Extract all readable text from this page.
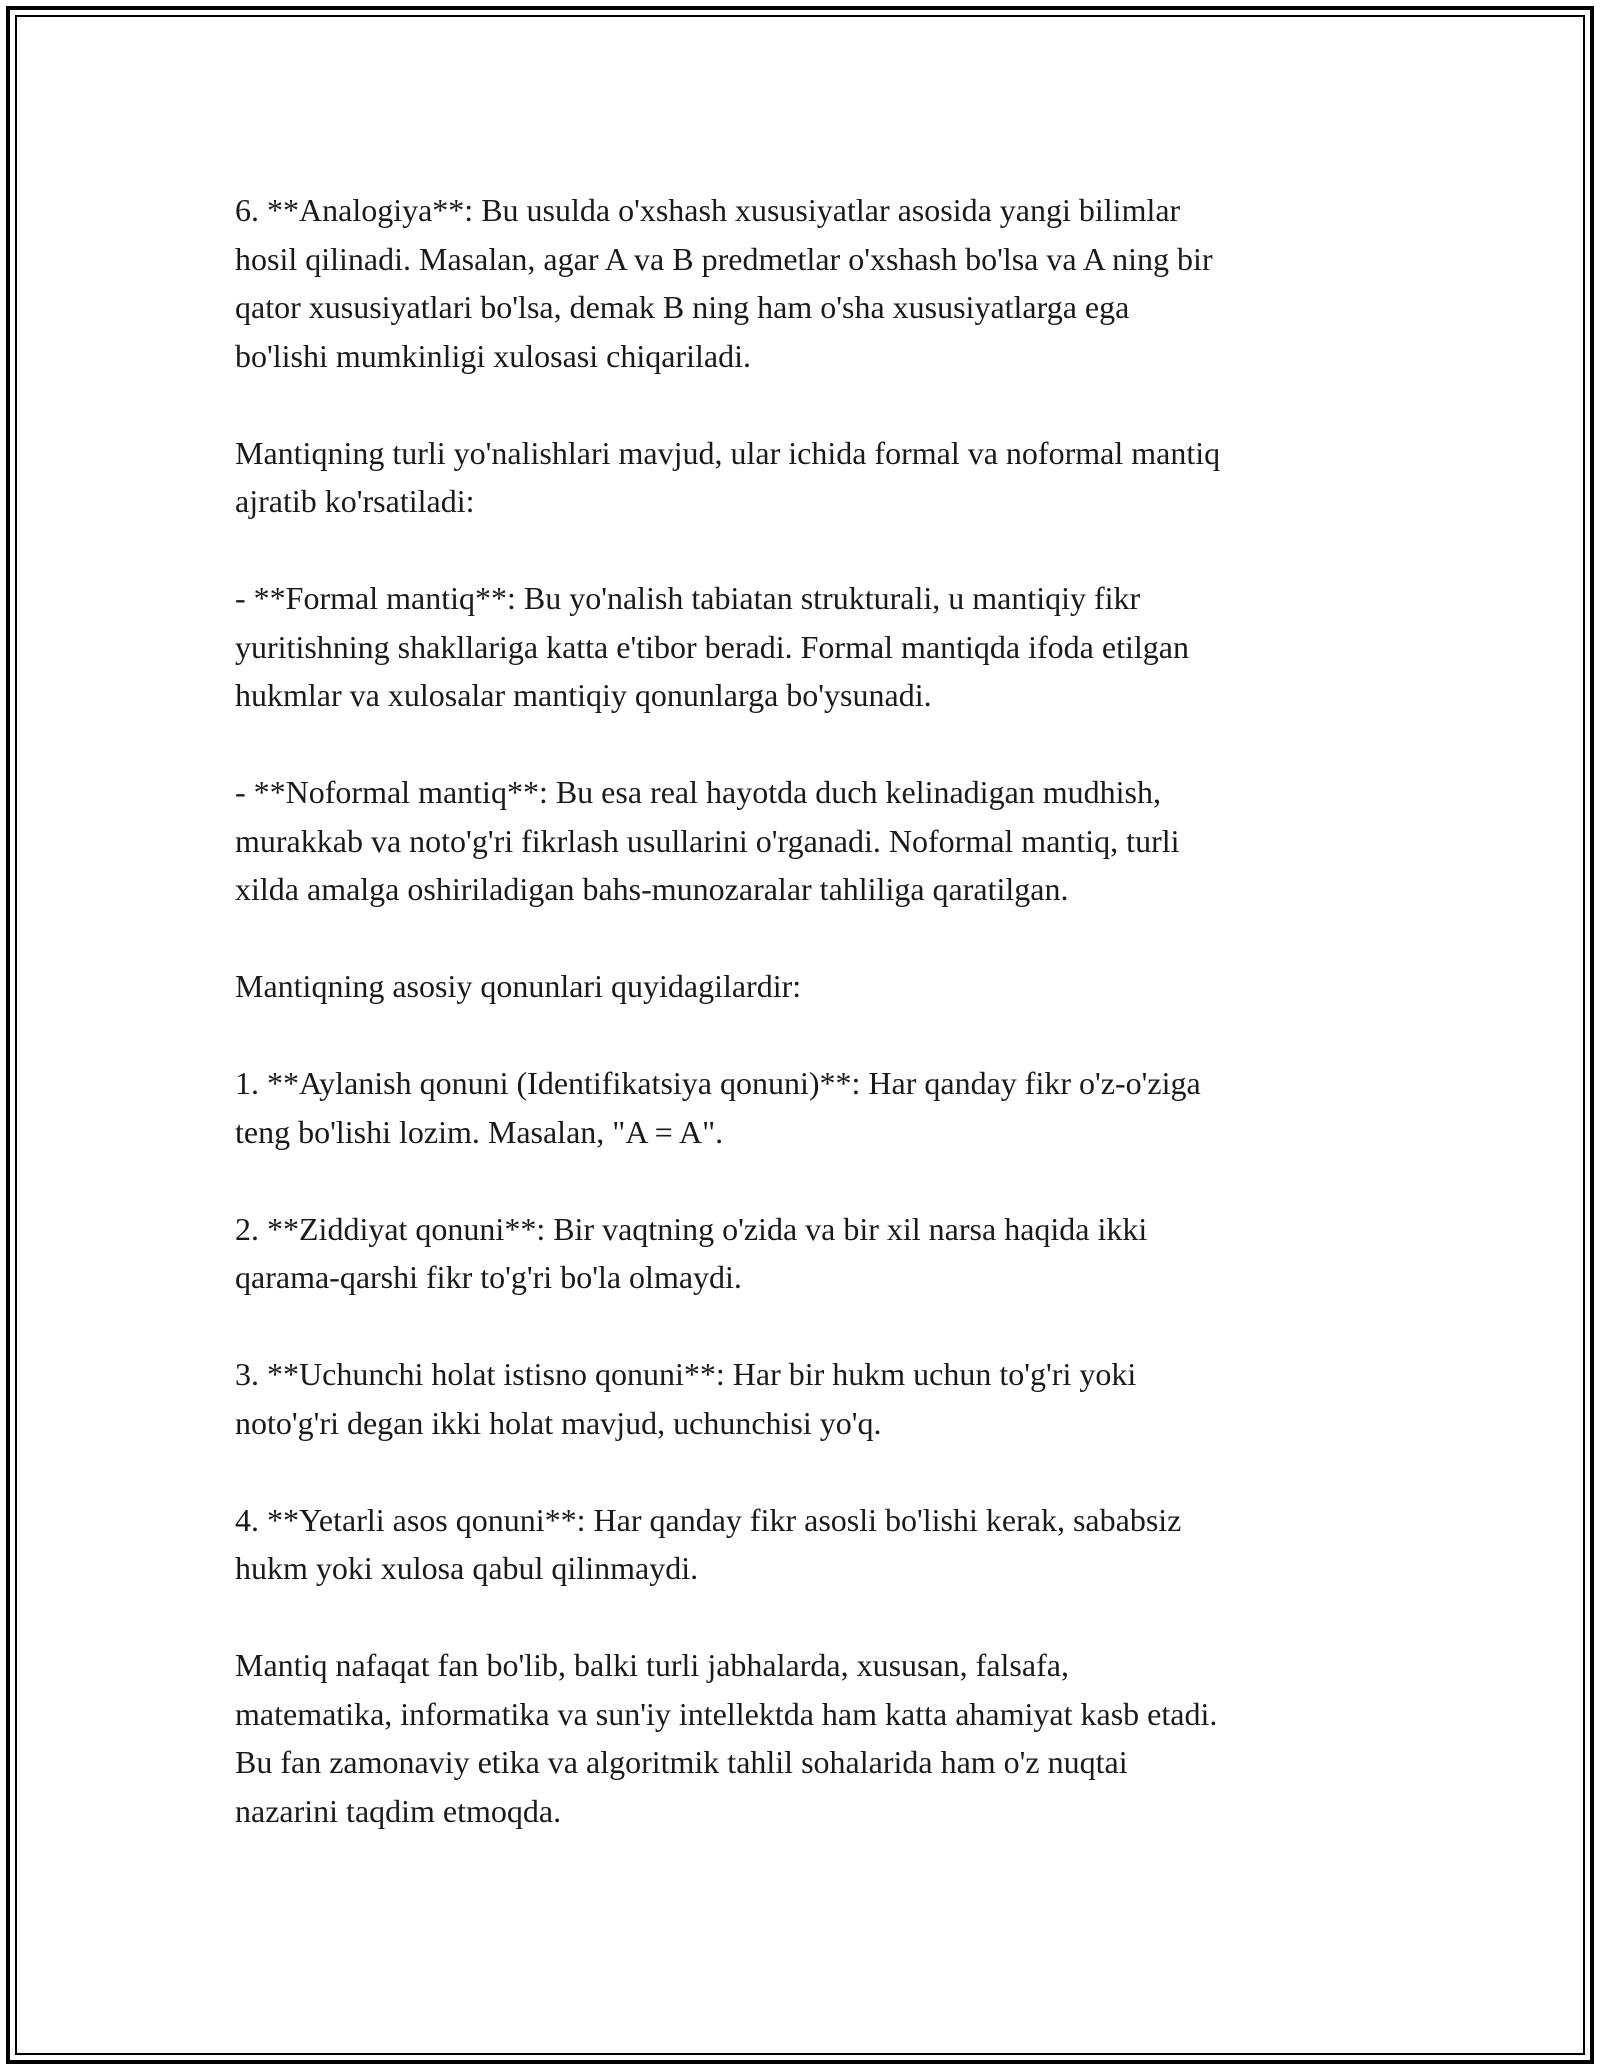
6. **Analogiya**: Bu usulda o'xshash xususiyatlar asosida yangi bilimlar
hosil qilinadi. Masalan, agar A va B predmetlar o'xshash bo'lsa va A ning bir
qator xususiyatlari bo'lsa, demak B ning ham o'sha xususiyatlarga ega
bo'lishi mumkinligi xulosasi chiqariladi.

Mantiqning turli yo'nalishlari mavjud, ular ichida formal va noformal mantiq
ajratib ko'rsatiladi:

- **Formal mantiq**: Bu yo'nalish tabiatan strukturali, u mantiqiy fikr
yuritishning shakllariga katta e'tibor beradi. Formal mantiqda ifoda etilgan
hukmlar va xulosalar mantiqiy qonunlarga bo'ysunadi.

- **Noformal mantiq**: Bu esa real hayotda duch kelinadigan mudhish,
murakkab va noto'g'ri fikrlash usullarini o'rganadi. Noformal mantiq, turli
xilda amalga oshiriladigan bahs-munozaralar tahliliga qaratilgan.

Mantiqning asosiy qonunlari quyidagilardir:

1. **Aylanish qonuni (Identifikatsiya qonuni)**: Har qanday fikr o'z-o'ziga
teng bo'lishi lozim. Masalan, "A = A".

2. **Ziddiyat qonuni**: Bir vaqtning o'zida va bir xil narsa haqida ikki
qarama-qarshi fikr to'g'ri bo'la olmaydi.

3. **Uchunchi holat istisno qonuni**: Har bir hukm uchun to'g'ri yoki
noto'g'ri degan ikki holat mavjud, uchunchisi yo'q.

4. **Yetarli asos qonuni**: Har qanday fikr asosli bo'lishi kerak, sababsiz
hukm yoki xulosa qabul qilinmaydi.

Mantiq nafaqat fan bo'lib, balki turli jabhalarda, xususan, falsafa,
matematika, informatika va sun'iy intellektda ham katta ahamiyat kasb etadi.
Bu fan zamonaviy etika va algoritmik tahlil sohalarida ham o'z nuqtai
nazarini taqdim etmoqda.
